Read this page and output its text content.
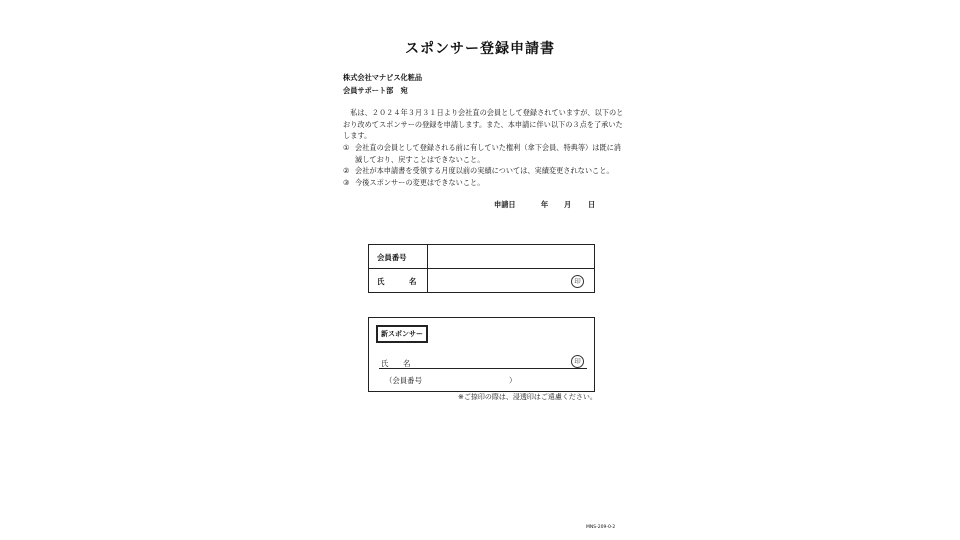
スポンサー登録申請書
株式会社マナビス化粧品
会員サポート部　宛
　私は、２０２４年３月３１日より会社直の会員として登録されていますが、以下のと
おり改めてスポンサーの登録を申請します。また、本申請に伴い以下の３点を了承いた
します。
① 会社直の会員として登録される前に有していた権利（傘下会員、特典等）は既に消
滅しており、戻すことはできないこと。
② 会社が本申請書を受領する月度以前の実績については、実績変更されないこと。
③ 今後スポンサーの変更はできないこと。
申請日	年 月 日
会員番号
氏	名	印
新スポンサー
氏 名	印
（会員番号	）
※ご捺印の際は、浸透印はご遠慮ください。
MNS-209-0-2
